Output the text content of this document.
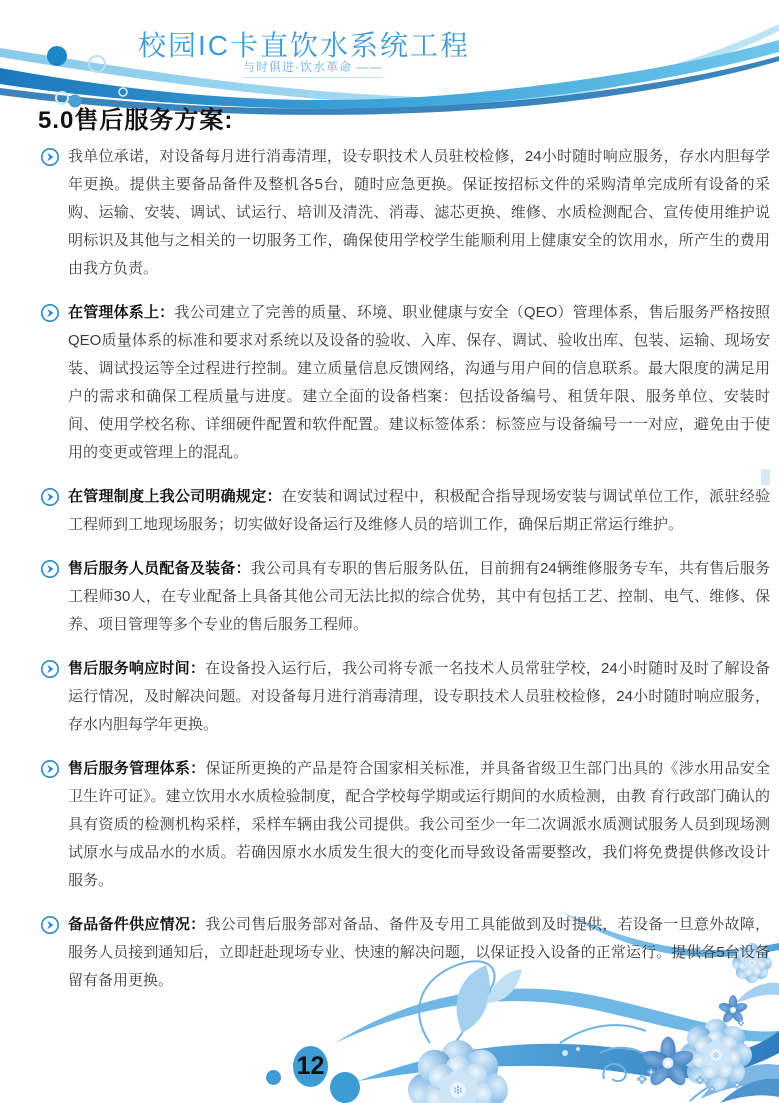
校园IC卡直饮水系统工程
与时俱进·饮水革命 ——
5.0售后服务方案:

我单位承诺，对设备每月进行消毒清理，设专职技术人员驻校检修，24小时随时响应服务，存水内胆每学年更换。提供主要备品备件及整机各5台，随时应急更换。保证按招标文件的采购清单完成所有设备的采购、运输、安装、调试、试运行、培训及清洗、消毒、滤芯更换、维修、水质检测配合、宣传使用维护说明标识及其他与之相关的一切服务工作，确保使用学校学生能顺利用上健康安全的饮用水，所产生的费用由我方负责。

在管理体系上：我公司建立了完善的质量、环境、职业健康与安全（QEO）管理体系，售后服务严格按照QEO质量体系的标准和要求对系统以及设备的验收、入库、保存、调试、验收出库、包装、运输、现场安装、调试投运等全过程进行控制。建立质量信息反馈网络，沟通与用户间的信息联系。最大限度的满足用户的需求和确保工程质量与进度。建立全面的设备档案：包括设备编号、租赁年限、服务单位、安装时间、使用学校名称、详细硬件配置和软件配置。建议标签体系：标签应与设备编号一一对应，避免由于使用的变更或管理上的混乱。

在管理制度上我公司明确规定：在安装和调试过程中，积极配合指导现场安装与调试单位工作，派驻经验工程师到工地现场服务；切实做好设备运行及维修人员的培训工作，确保后期正常运行维护。

售后服务人员配备及装备：我公司具有专职的售后服务队伍，目前拥有24辆维修服务专车，共有售后服务工程师30人，在专业配备上具备其他公司无法比拟的综合优势，其中有包括工艺、控制、电气、维修、保养、项目管理等多个专业的售后服务工程师。

售后服务响应时间：在设备投入运行后，我公司将专派一名技术人员常驻学校，24小时随时及时了解设备运行情况，及时解决问题。对设备每月进行消毒清理，设专职技术人员驻校检修，24小时随时响应服务，存水内胆每学年更换。

售后服务管理体系：保证所更换的产品是符合国家相关标准，并具备省级卫生部门出具的《涉水用品安全卫生许可证》。建立饮用水水质检验制度，配合学校每学期或运行期间的水质检测，由教 育行政部门确认的具有资质的检测机构采样，采样车辆由我公司提供。我公司至少一年二次调派水质测试服务人员到现场测试原水与成品水的水质。若确因原水水质发生很大的变化而导致设备需要整改，我们将免费提供修改设计服务。

备品备件供应情况：我公司售后服务部对备品、备件及专用工具能做到及时提供，若设备一旦意外故障，服务人员接到通知后，立即赶赴现场专业、快速的解决问题，以保证投入设备的正常运行。提供各5台设备留有备用更换。

12
